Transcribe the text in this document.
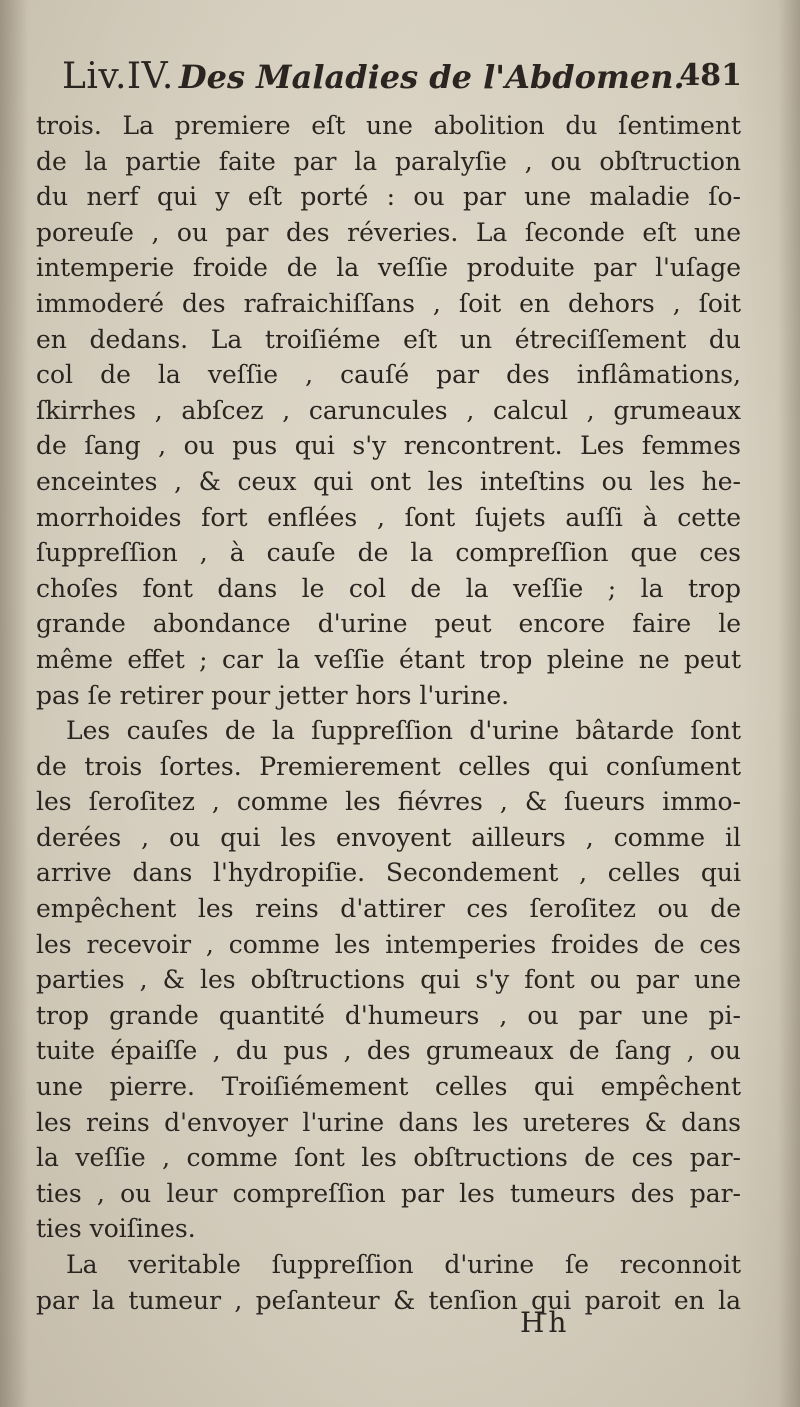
Liv.IV. Des Maladies de l'Abdomen.
481
trois. La premiere eſt une abolition du ſentiment
de la partie faite par la paralyſie , ou obſtruction
du nerf qui y eſt porté : ou par une maladie ſo-
poreuſe , ou par des réveries. La ſeconde eſt une
intemperie froide de la veſſie produite par l'uſage
immoderé des rafraichiſſans , ſoit en dehors , ſoit
en dedans. La troiſiéme eſt un étreciſſement du
col de la veſſie , cauſé par des inflâmations,
ſkirrhes , abſcez , caruncules , calcul , grumeaux
de ſang , ou pus qui s'y rencontrent. Les femmes
enceintes , & ceux qui ont les inteſtins ou les he-
morrhoides fort enflées , ſont ſujets auſſi à cette
ſuppreſſion , à cauſe de la compreſſion que ces
choſes font dans le col de la veſſie ; la trop
grande abondance d'urine peut encore faire le
même effet ; car la veſſie étant trop pleine ne peut
pas ſe retirer pour jetter hors l'urine.
Les cauſes de la ſuppreſſion d'urine bâtarde ſont
de trois ſortes. Premierement celles qui conſument
les ſeroſitez , comme les fiévres , & ſueurs immo-
derées , ou qui les envoyent ailleurs , comme il
arrive dans l'hydropiſie. Secondement , celles qui
empêchent les reins d'attirer ces ſeroſitez ou de
les recevoir , comme les intemperies froides de ces
parties , & les obſtructions qui s'y font ou par une
trop grande quantité d'humeurs , ou par une pi-
tuite épaiſſe , du pus , des grumeaux de ſang , ou
une pierre. Troiſiémement celles qui empêchent
les reins d'envoyer l'urine dans les ureteres & dans
la veſſie , comme ſont les obſtructions de ces par-
ties , ou leur compreſſion par les tumeurs des par-
ties voiſines.
La veritable ſuppreſſion d'urine ſe reconnoit
par la tumeur , peſanteur & tenſion qui paroit en la
Hh
